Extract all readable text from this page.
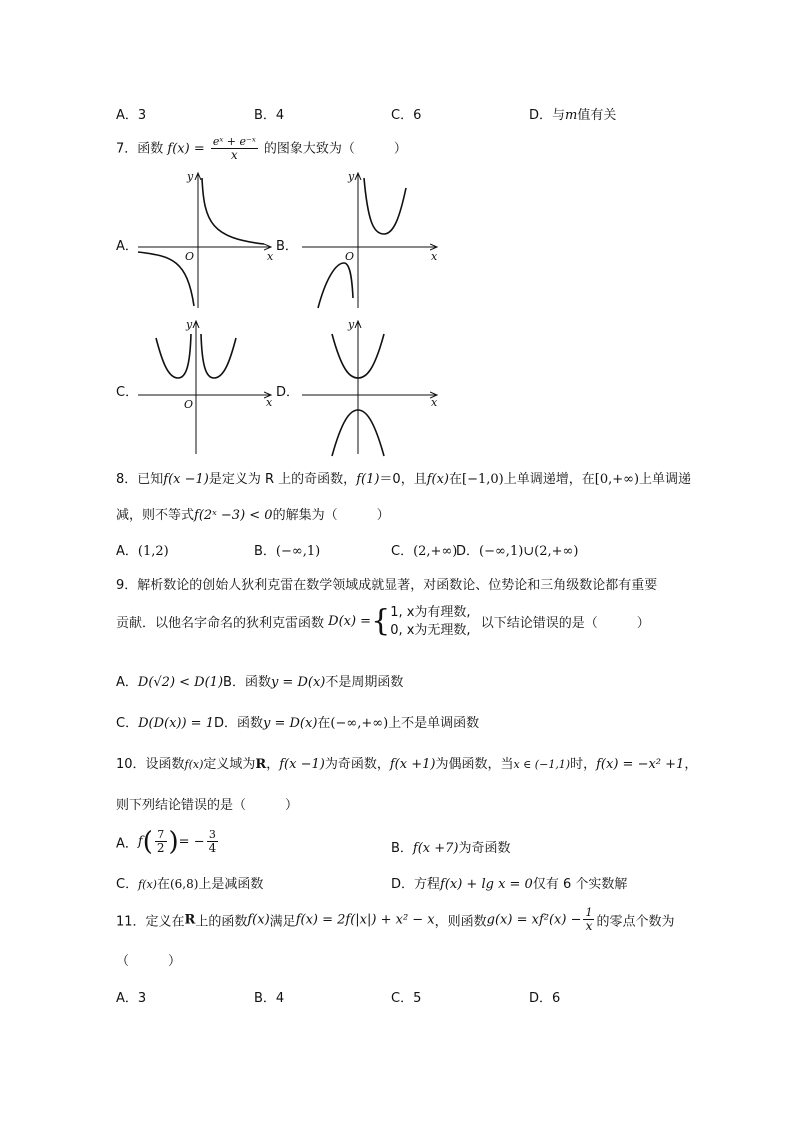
A．3	B．4	C．6	D．与m值有关
7．函数 $f(x) = \frac{\text{eˣ + e⁻ˣ}}{x}$ 的图象大致为（　　　）
A．	B．
C．	D．
y
x
O
y
x
O
y
x
O
y
x
8．已知f(x −1)是定义为 R 上的奇函数，f(1)＝0，且f(x)在[−1,0)上单调递增，在[0,+∞)上单调递
减，则不等式f(2ˣ −3) < 0的解集为（　　　）
A．(1,2)	B．(−∞,1)	C．(2,+∞)
D．(−∞,1)∪(2,+∞)
9．解析数论的创始人狄利克雷在数学领域成就显著，对函数论、位势论和三角级数论都有重要
贡献．以他名字命名的狄利克雷函数 D(x) ={ 1, x为有理数,
0, x为无理数, 以下结论错误的是（　　　）
A．D(√2) < D(1)B．函数y = D(x)不是周期函数
C．D(D(x)) = 1D．函数y = D(x)在(−∞,+∞)上不是单调函数
10．设函数f(x)定义域为R，f(x −1)为奇函数，f(x +1)为偶函数，当x ∈ (−1,1)时，f(x) = −x² +1，
则下列结论错误的是（　　　）
A．$f( \frac{7}{2}$ )= − $\frac{3}{4}$	B．f(x +7)为奇函数
C．f(x)在(6,8)上是减函数	D．方程f(x) + lg x = 0仅有 6 个实数解
11．定义在R上的函数f(x)满足f(x) = 2f(|x|) + x² − x，则函数$g(x) = xf^2(x) - \frac{1}{x}$ 的零点个数为
（　　　）
A．3	B．4	C．5	D．6
